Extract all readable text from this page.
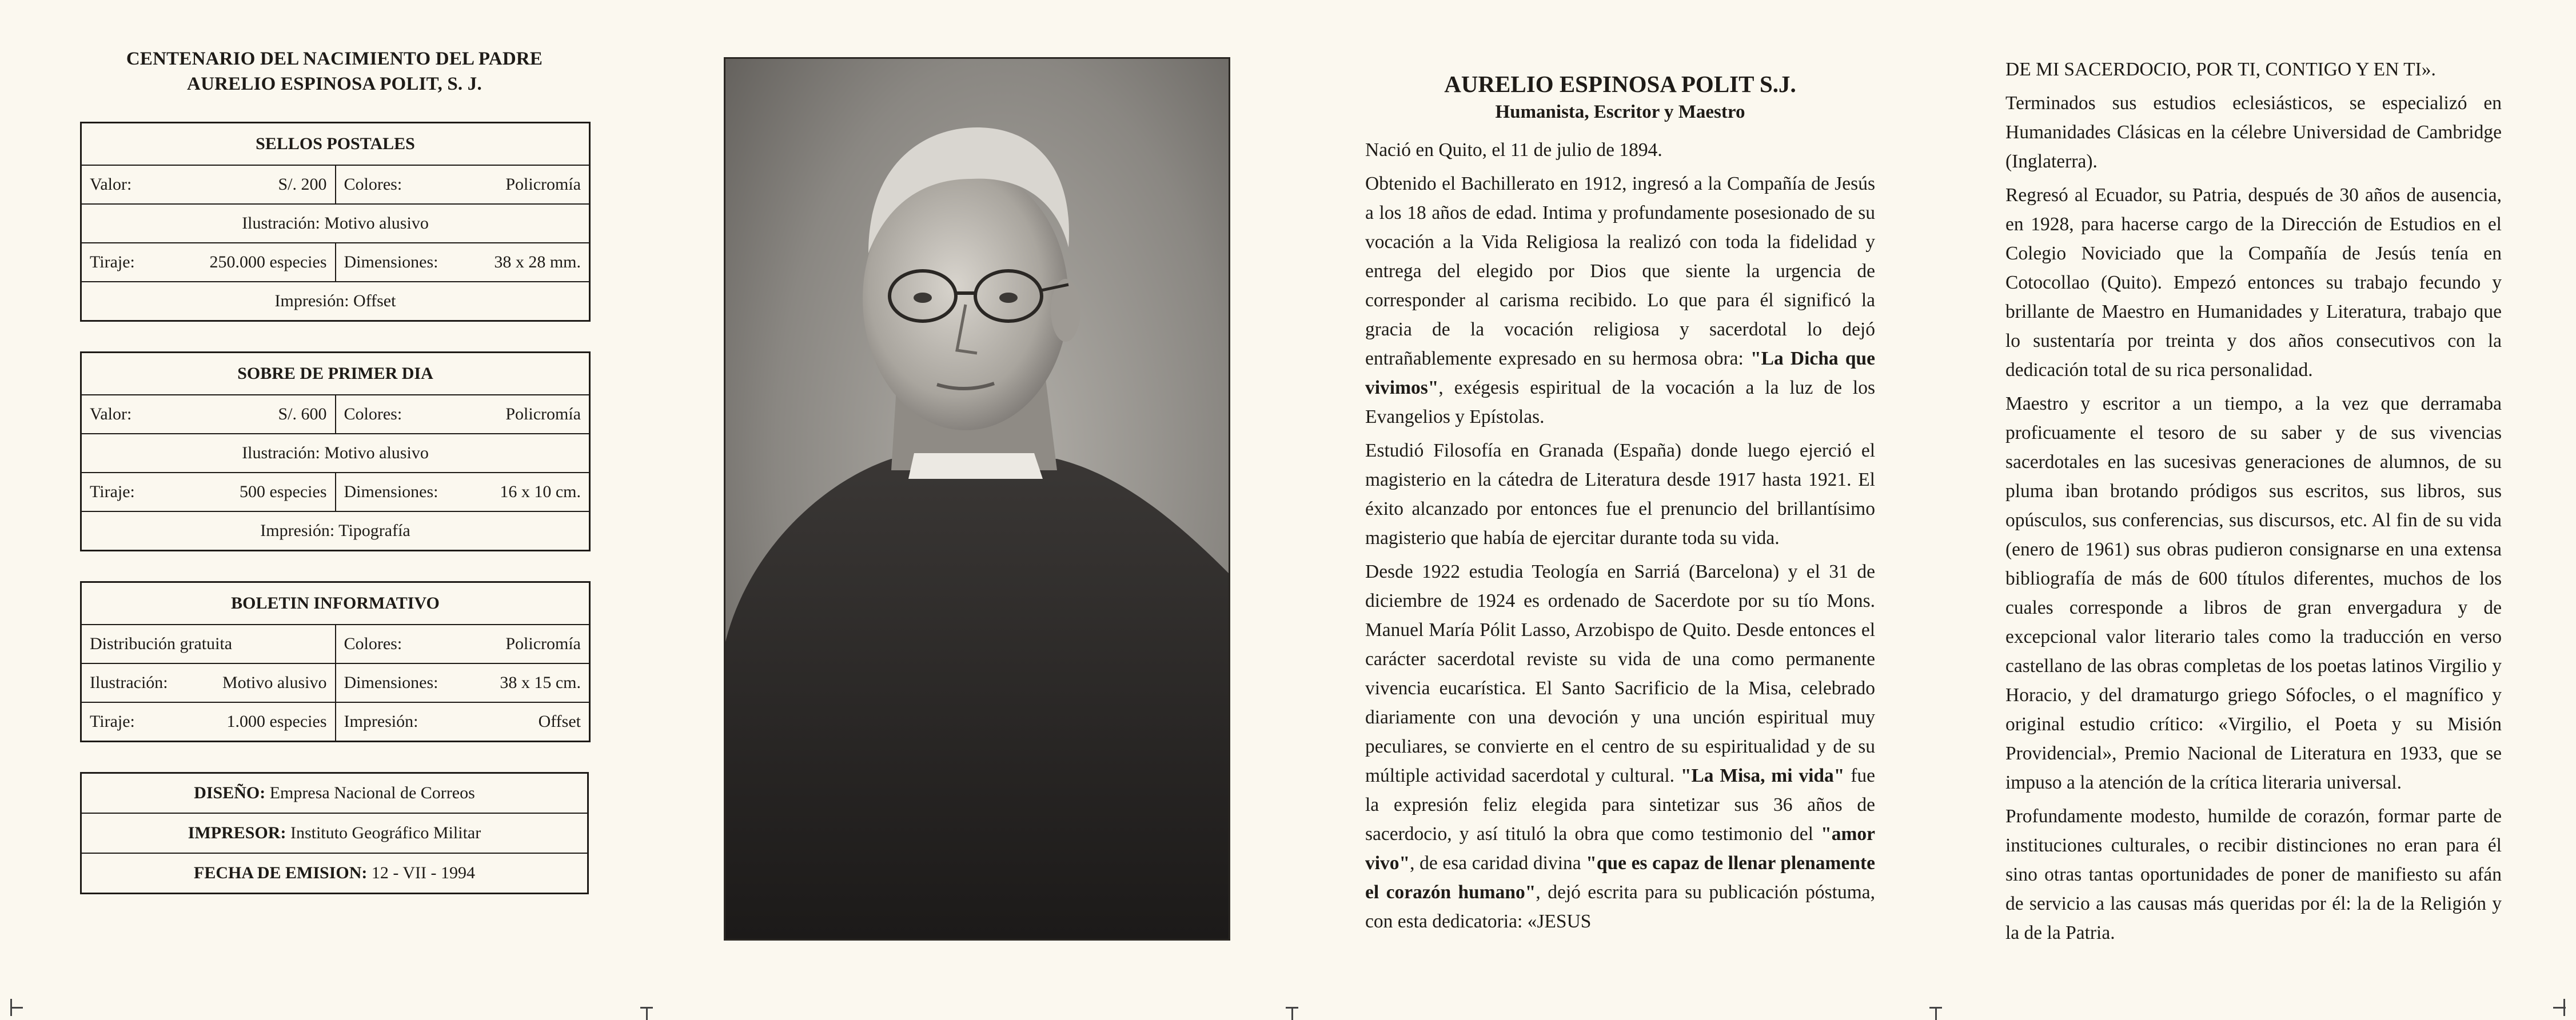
CENTENARIO DEL NACIMIENTO DEL PADRE AURELIO ESPINOSA POLIT, S. J.
SELLOS POSTALES	

Valor: S/. 200	Colores: Policromía

Ilustración: Motivo alusivo	

Tiraje: 250.000 especies	Dimensiones: 38 x 28 mm.

Impresión: Offset	
SOBRE DE PRIMER DIA	

Valor: S/. 600	Colores: Policromía

Ilustración: Motivo alusivo	

Tiraje: 500 especies	Dimensiones: 16 x 10 cm.

Impresión: Tipografía	
BOLETIN INFORMATIVO	
Distribución gratuita	Colores: Policromía

Ilustración: Motivo alusivo	Dimensiones: 38 x 15 cm.

Tiraje: 1.000 especies	Impresión: Offset
DISEÑO: Empresa Nacional de Correos
IMPRESOR: Instituto Geográfico Militar
FECHA DE EMISION: 12 - VII - 1994
AURELIO ESPINOSA POLIT S.J.
Humanista, Escritor y Maestro

Nació en Quito, el 11 de julio de 1894.

Obtenido el Bachillerato en 1912, ingresó a la Compañía de Jesús a los 18 años de edad. Intima y profundamente posesionado de su vocación a la Vida Religiosa la realizó con toda la fidelidad y entrega del elegido por Dios que siente la urgencia de corresponder al carisma recibido. Lo que para él significó la gracia de la vocación religiosa y sacerdotal lo dejó entrañablemente expresado en su hermosa obra: "La Dicha que vivimos", exégesis espiritual de la vocación a la luz de los Evangelios y Epístolas.

Estudió Filosofía en Granada (España) donde luego ejerció el magisterio en la cátedra de Literatura desde 1917 hasta 1921. El éxito alcanzado por entonces fue el prenuncio del brillantísimo magisterio que había de ejercitar durante toda su vida.

Desde 1922 estudia Teología en Sarriá (Barcelona) y el 31 de diciembre de 1924 es ordenado de Sacerdote por su tío Mons. Manuel María Pólit Lasso, Arzobispo de Quito. Desde entonces el carácter sacerdotal reviste su vida de una como permanente vivencia eucarística. El Santo Sacrificio de la Misa, celebrado diariamente con una devoción y una unción espiritual muy peculiares, se convierte en el centro de su espiritualidad y de su múltiple actividad sacerdotal y cultural. "La Misa, mi vida" fue la expresión feliz elegida para sintetizar sus 36 años de sacerdocio, y así tituló la obra que como testimonio del "amor vivo", de esa caridad divina "que es capaz de llenar plenamente el corazón humano", dejó escrita para su publicación póstuma, con esta dedicatoria: «JESUS

DE MI SACERDOCIO, POR TI, CONTIGO Y EN TI».

Terminados sus estudios eclesiásticos, se especializó en Humanidades Clásicas en la célebre Universidad de Cambridge (Inglaterra).

Regresó al Ecuador, su Patria, después de 30 años de ausencia, en 1928, para hacerse cargo de la Dirección de Estudios en el Colegio Noviciado que la Compañía de Jesús tenía en Cotocollao (Quito). Empezó entonces su trabajo fecundo y brillante de Maestro en Humanidades y Literatura, trabajo que lo sustentaría por treinta y dos años consecutivos con la dedicación total de su rica personalidad.

Maestro y escritor a un tiempo, a la vez que derramaba proficuamente el tesoro de su saber y de sus vivencias sacerdotales en las sucesivas generaciones de alumnos, de su pluma iban brotando pródigos sus escritos, sus libros, sus opúsculos, sus conferencias, sus discursos, etc. Al fin de su vida (enero de 1961) sus obras pudieron consignarse en una extensa bibliografía de más de 600 títulos diferentes, muchos de los cuales corresponde a libros de gran envergadura y de excepcional valor literario tales como la traducción en verso castellano de las obras completas de los poetas latinos Virgilio y Horacio, y del dramaturgo griego Sófocles, o el magnífico y original estudio crítico: «Virgilio, el Poeta y su Misión Providencial», Premio Nacional de Literatura en 1933, que se impuso a la atención de la crítica literaria universal.

Profundamente modesto, humilde de corazón, formar parte de instituciones culturales, o recibir distinciones no eran para él sino otras tantas oportunidades de poner de manifiesto su afán de servicio a las causas más queridas por él: la de la Religión y la de la Patria.
